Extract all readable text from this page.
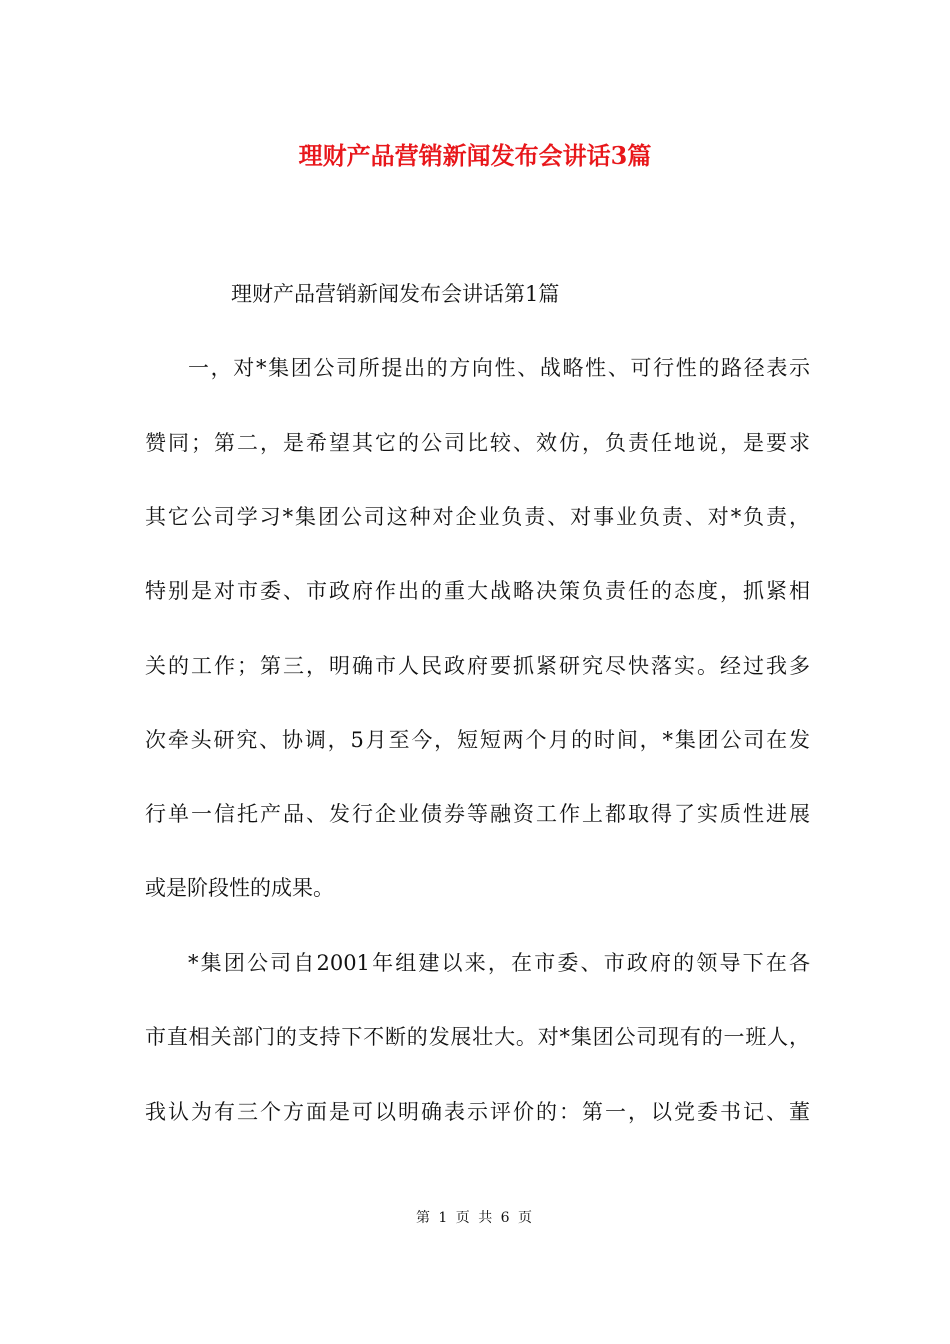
理财产品营销新闻发布会讲话3篇
理财产品营销新闻发布会讲话第1篇
一，对*集团公司所提出的方向性、战略性、可行性的路径表示
赞同；第二，是希望其它的公司比较、效仿，负责任地说，是要求
其它公司学习*集团公司这种对企业负责、对事业负责、对*负责，
特别是对市委、市政府作出的重大战略决策负责任的态度，抓紧相
关的工作；第三，明确市人民政府要抓紧研究尽快落实。经过我多
次牵头研究、协调，5月至今，短短两个月的时间，*集团公司在发
行单一信托产品、发行企业债券等融资工作上都取得了实质性进展
或是阶段性的成果。
*集团公司自2001年组建以来，在市委、市政府的领导下在各
市直相关部门的支持下不断的发展壮大。对*集团公司现有的一班人，
我认为有三个方面是可以明确表示评价的：第一，以党委书记、董
第 1 页 共 6 页
